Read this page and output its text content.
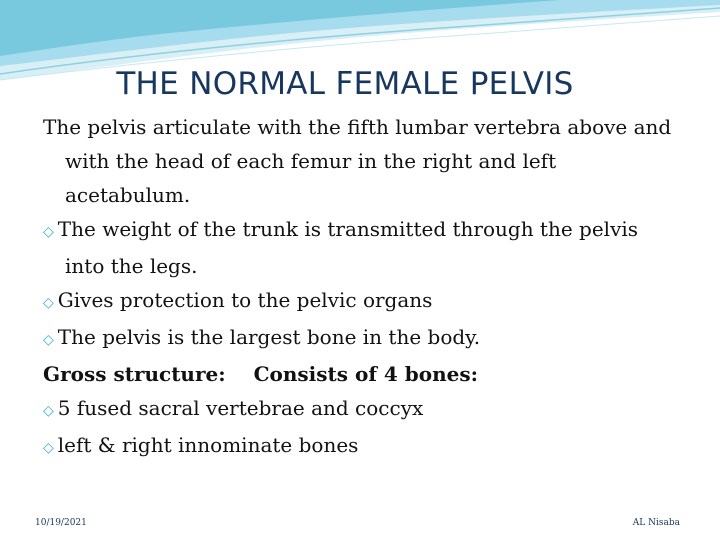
THE NORMAL FEMALE PELVIS
The pelvis articulate with the fifth lumbar vertebra above and with the head of each femur in the right and left acetabulum.
◇ The weight of the trunk is transmitted through the pelvis into the legs.
◇ Gives protection to the pelvic organs
◇ The pelvis is the largest bone in the body.
Gross structure: Consists of 4 bones:
◇ 5 fused sacral vertebrae and coccyx
◇ left & right innominate bones
10/19/2021	AL Nisaba
